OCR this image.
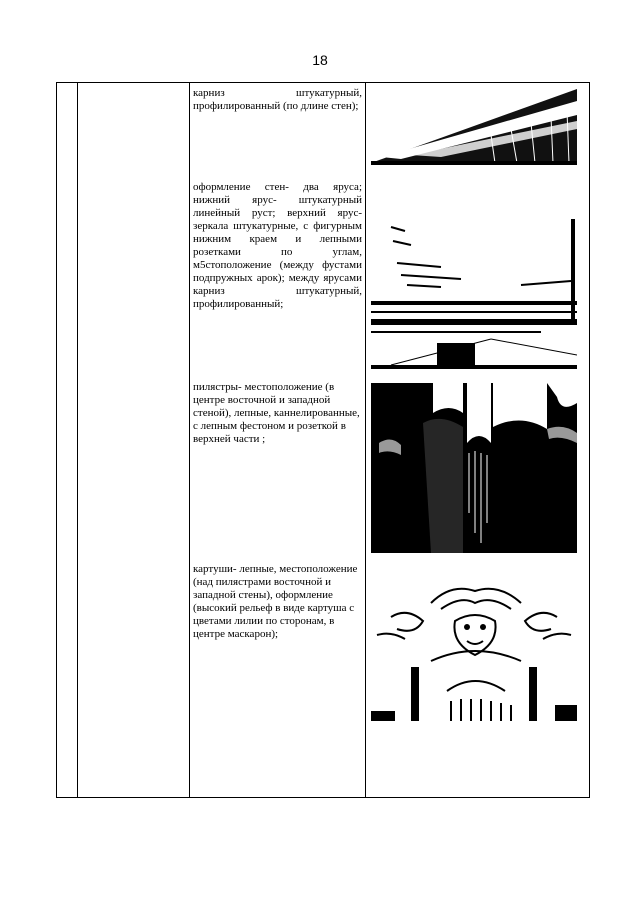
18
карниз штукатурный, профилированный (по длине стен);
оформление стен- два яруса; нижний ярус- штукатурный линейный руст; верхний ярус- зеркала штукатурные, с фигурным нижним краем и лепными розетками по углам, м5стоположение (между фустами подпружных арок); между ярусами карниз штукатурный, профилированный;
пилястры- местоположение (в центре восточной и западной стеной), лепные, каннелированные, с лепным фестоном и розеткой в верхней части ;
картуши- лепные, местоположение (над пилястрами восточной и западной стены), оформление (высокий рельеф в виде картуша с цветами лилии по сторонам, в центре маскарон);
